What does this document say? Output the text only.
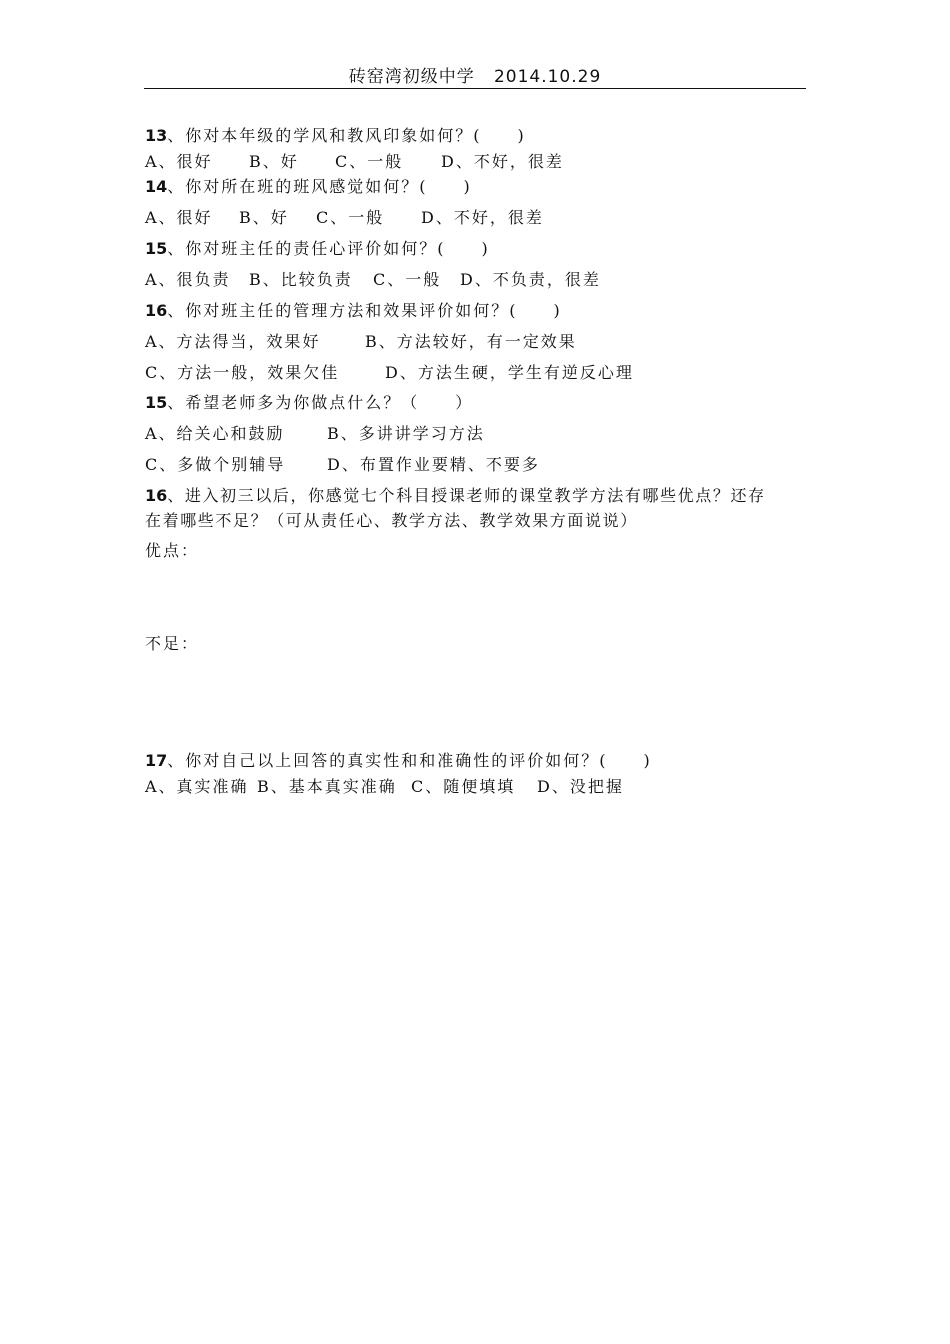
砖窑湾初级中学 2014.10.29
13、你对本年级的学风和教风印象如何？(　　)
A、很好 B、好 C、一般 D、不好，很差
14、你对所在班的班风感觉如何？(　　)
A、很好 B、好 C、一般 D、不好，很差
15、你对班主任的责任心评价如何？(　　)
A、很负责 B、比较负责 C、一般 D、不负责，很差
16、你对班主任的管理方法和效果评价如何？(　　)
A、方法得当，效果好	B、方法较好，有一定效果
C、方法一般，效果欠佳	D、方法生硬，学生有逆反心理
15、希望老师多为你做点什么？（　　）
A、给关心和鼓励	B、多讲讲学习方法
C、多做个别辅导	D、布置作业要精、不要多
16、进入初三以后，你感觉七个科目授课老师的课堂教学方法有哪些优点？还存
在着哪些不足？（可从责任心、教学方法、教学效果方面说说）
优点：
不足：
17、你对自己以上回答的真实性和和准确性的评价如何？(　　)
A、真实准确 B、基本真实准确 C、随便填填 D、没把握
